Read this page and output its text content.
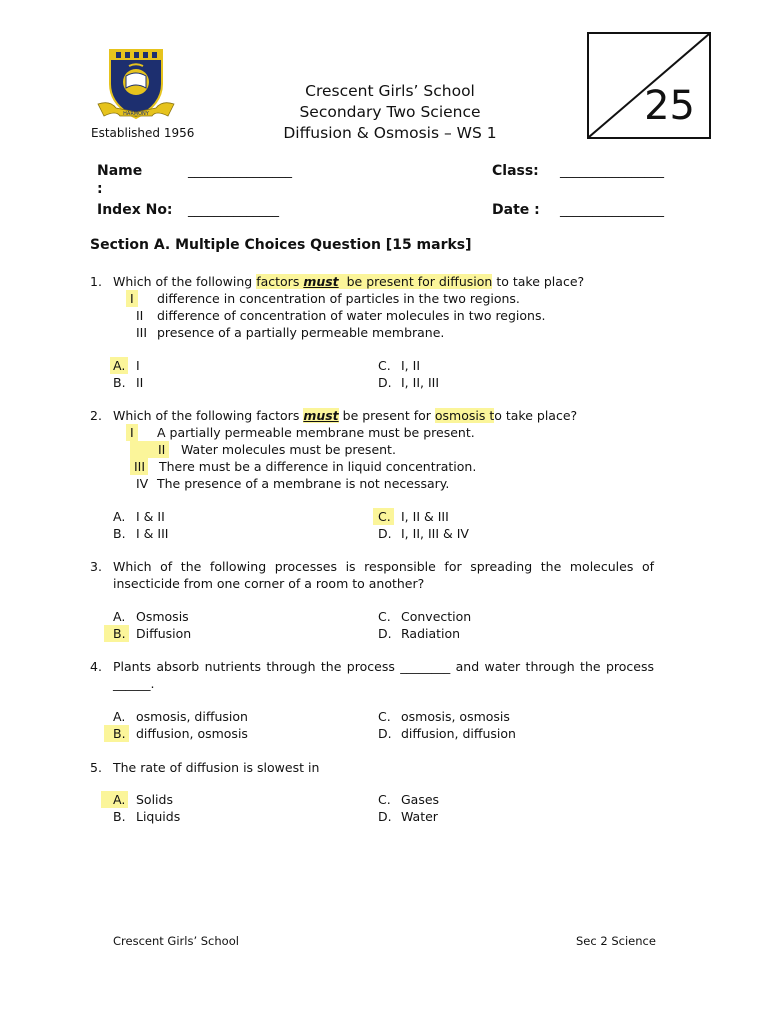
HARMONY
Established 1956
Crescent Girls’ School
Secondary Two Science
Diffusion & Osmosis – WS 1
25
Name
:
________________	Class: ________________
Index No: ______________	Date : ________________
Section A. Multiple Choices Question [15 marks]
1. Which of the following factors must  be present for diffusion to take place?
I	difference in concentration of particles in the two regions.
II difference of concentration of water molecules in two regions.
III presence of a partially permeable membrane.
A. I
B. II
C. I, II
D. I, II, III
2. Which of the following factors must be present for osmosis to take place?
I	A partially permeable membrane must be present.
II	Water molecules must be present.
III There must be a difference in liquid concentration.
IV The presence of a membrane is not necessary.
A. I & II
B. I & III
C. I, II & III
D. I, II, III & IV
3. Which of the following processes is responsible for spreading the molecules of
insecticide from one corner of a room to another?
A. Osmosis
B. Diffusion
C. Convection
D. Radiation
4. Plants absorb nutrients through the process ________ and water through the process
______.
A. osmosis, diffusion
B. diffusion, osmosis
C. osmosis, osmosis
D. diffusion, diffusion
5. The rate of diffusion is slowest in
A. Solids
B. Liquids
C. Gases
D. Water
Crescent Girls’ School	Sec 2 Science
